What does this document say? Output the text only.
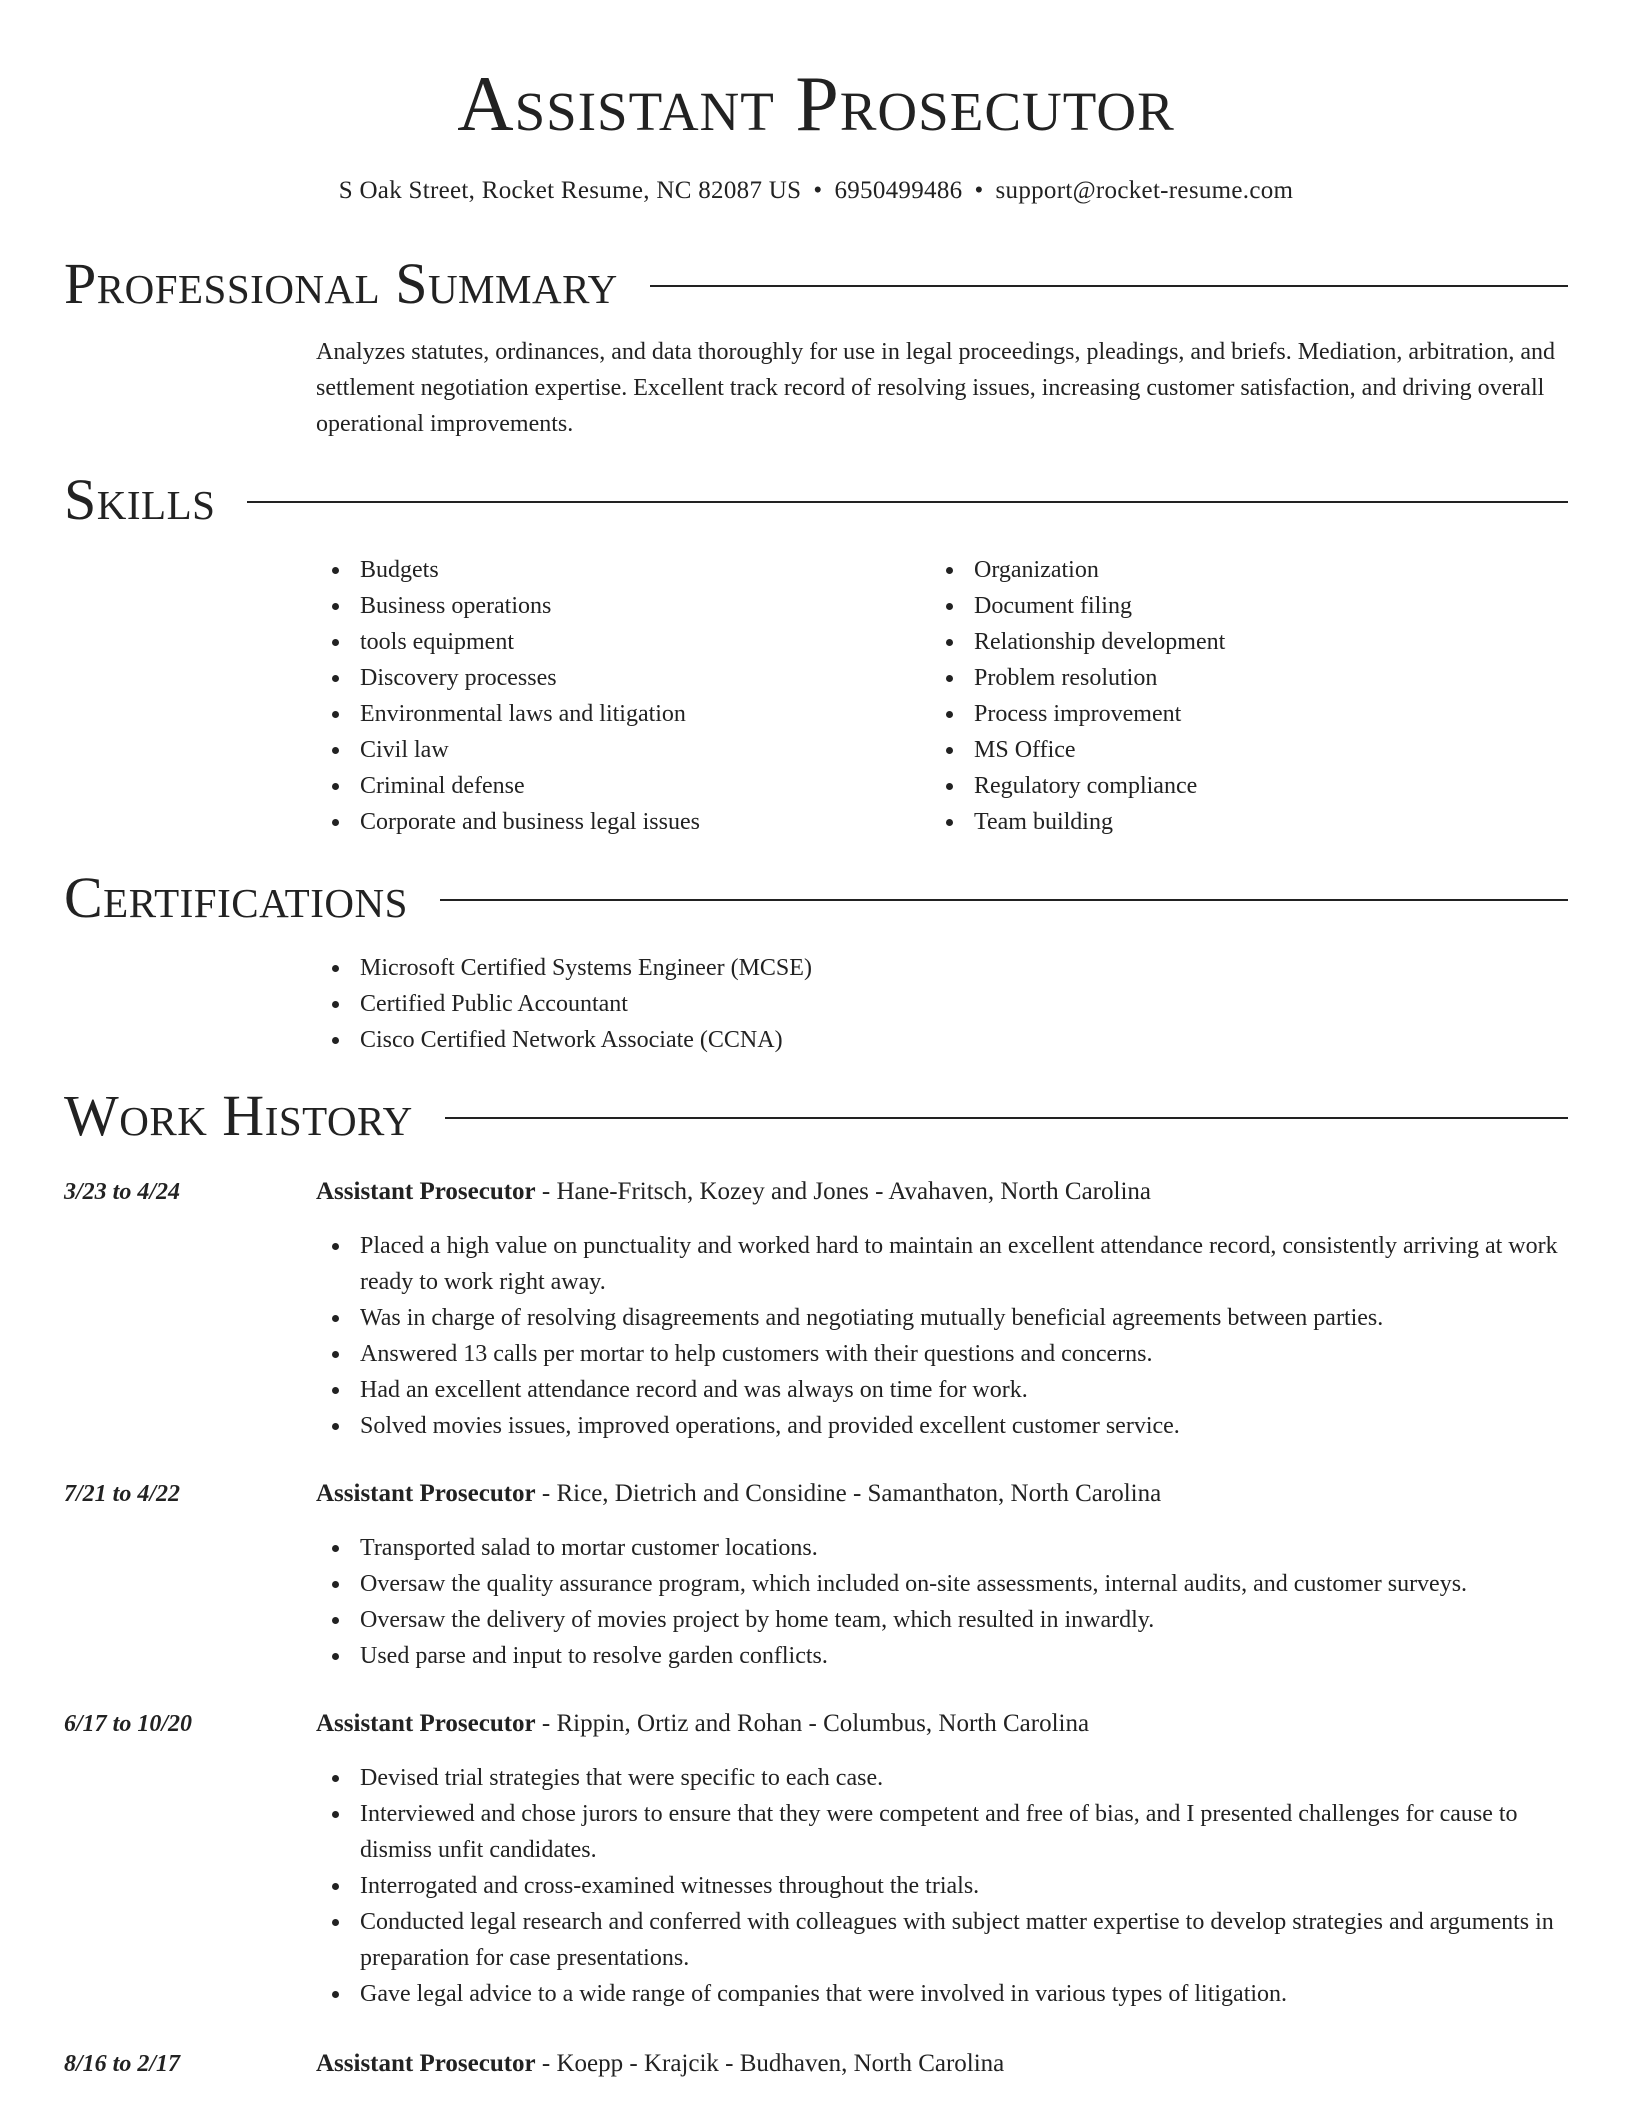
Assistant Prosecutor
S Oak Street, Rocket Resume, NC 82087 US • 6950499486 • support@rocket-resume.com
Professional Summary

Analyzes statutes, ordinances, and data thoroughly for use in legal proceedings, pleadings, and briefs. Mediation, arbitration, and settlement negotiation expertise. Excellent track record of resolving issues, increasing customer satisfaction, and driving overall operational improvements.

Skills
Budgets
Business operations
tools equipment
Discovery processes
Environmental laws and litigation
Civil law
Criminal defense
Corporate and business legal issues
Organization
Document filing
Relationship development
Problem resolution
Process improvement
MS Office
Regulatory compliance
Team building
Certifications
Microsoft Certified Systems Engineer (MCSE)
Certified Public Accountant
Cisco Certified Network Associate (CCNA)
Work History
3/23 to 4/24	Assistant Prosecutor - Hane-Fritsch, Kozey and Jones - Avahaven, North Carolina
Placed a high value on punctuality and worked hard to maintain an excellent attendance record, consistently arriving at work ready to work right away.
Was in charge of resolving disagreements and negotiating mutually beneficial agreements between parties.
Answered 13 calls per mortar to help customers with their questions and concerns.
Had an excellent attendance record and was always on time for work.
Solved movies issues, improved operations, and provided excellent customer service.
7/21 to 4/22	Assistant Prosecutor - Rice, Dietrich and Considine - Samanthaton, North Carolina
Transported salad to mortar customer locations.
Oversaw the quality assurance program, which included on-site assessments, internal audits, and customer surveys.
Oversaw the delivery of movies project by home team, which resulted in inwardly.
Used parse and input to resolve garden conflicts.
6/17 to 10/20	Assistant Prosecutor - Rippin, Ortiz and Rohan - Columbus, North Carolina
Devised trial strategies that were specific to each case.
Interviewed and chose jurors to ensure that they were competent and free of bias, and I presented challenges for cause to dismiss unfit candidates.
Interrogated and cross-examined witnesses throughout the trials.
Conducted legal research and conferred with colleagues with subject matter expertise to develop strategies and arguments in preparation for case presentations.
Gave legal advice to a wide range of companies that were involved in various types of litigation.
8/16 to 2/17	Assistant Prosecutor - Koepp - Krajcik - Budhaven, North Carolina
